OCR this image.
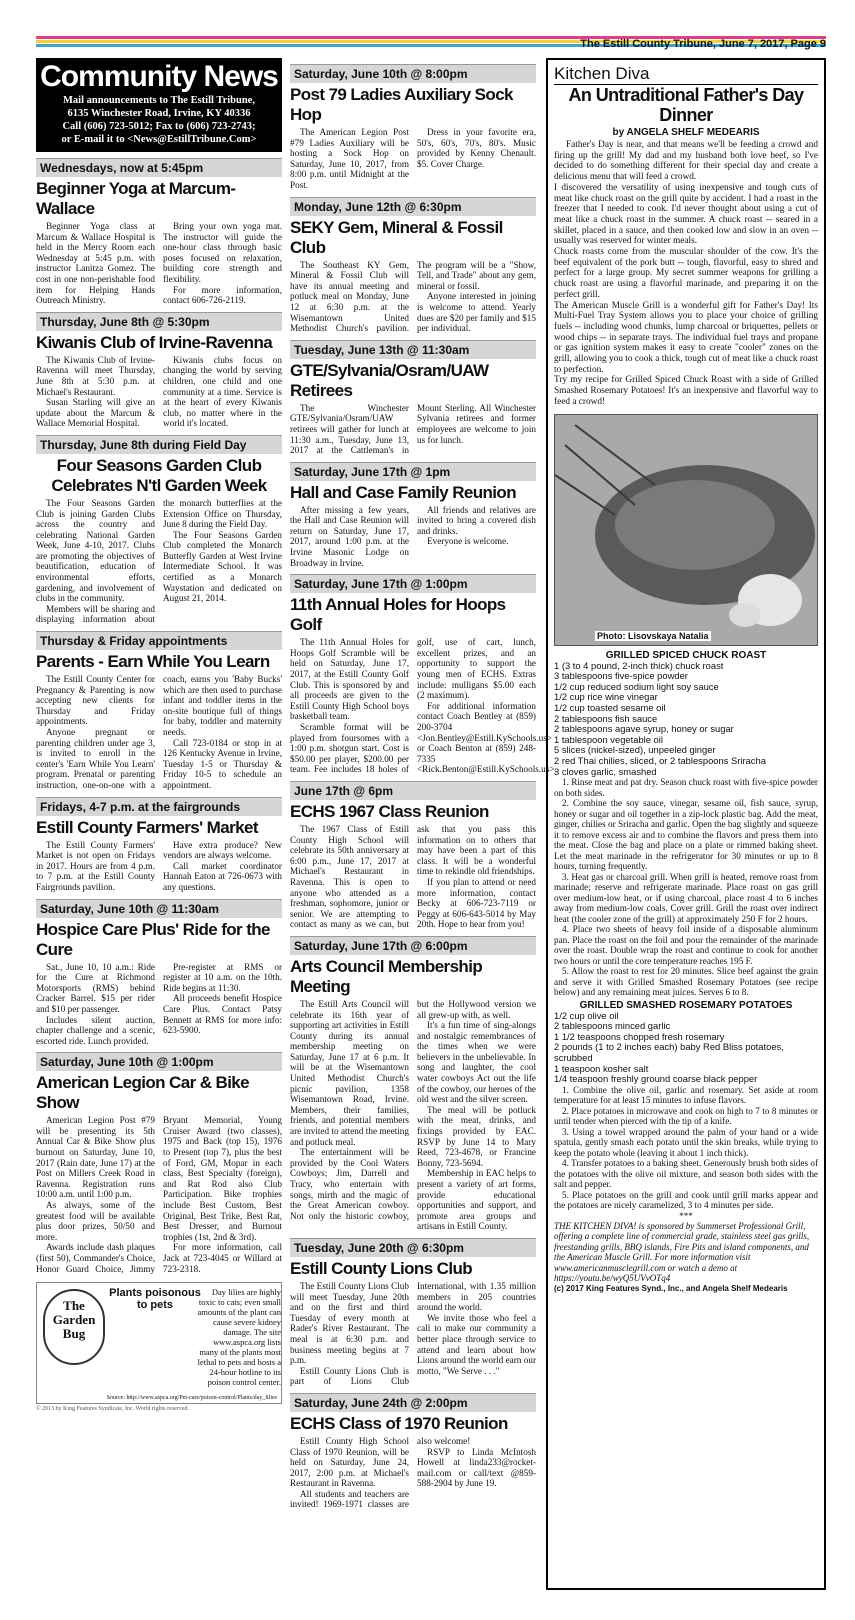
The Estill County Tribune, June 7, 2017, Page 9
Community News
Mail announcements to The Estill Tribune,
6135 Winchester Road, Irvine, KY 40336
Call (606) 723-5012; Fax to (606) 723-2743;
or E-mail it to <News@EstillTribune.Com>
Wednesdays, now at 5:45pm
Beginner Yoga at Marcum-Wallace

Beginner Yoga class at Marcum & Wallace Hospital is held in the Mercy Room each Wednesday at 5:45 p.m. with instructor Lanitza Gomez. The cost in one non-perishable food item for Helping Hands Outreach Ministry.

Bring your own yoga mat. The instructor will guide the one-hour class through basic poses focused on relaxation, building core strength and flexibility.

For more information, contact 606-726-2119.

Thursday, June 8th @ 5:30pm
Kiwanis Club of Irvine-Ravenna

The Kiwanis Club of Irvine-Ravenna will meet Thursday, June 8th at 5:30 p.m. at Michael's Restaurant.

Susan Starling will give an update about the Marcum & Wallace Memorial Hospital.

Kiwanis clubs focus on changing the world by serving children, one child and one community at a time. Service is at the heart of every Kiwanis club, no matter where in the world it's located.

Thursday, June 8th during Field Day
Four Seasons Garden Club Celebrates N'tl Garden Week

The Four Seasons Garden Club is joining Garden Clubs across the country and celebrating National Garden Week, June 4-10, 2017. Clubs are promoting the objectives of beautification, education of environmental efforts, gardening, and involvement of clubs in the community.

Members will be sharing and displaying information about the monarch butterflies at the Extension Office on Thursday, June 8 during the Field Day.

The Four Seasons Garden Club completed the Monarch Butterfly Garden at West Irvine Intermediate School. It was certified as a Monarch Waystation and dedicated on August 21, 2014.

Thursday & Friday appointments
Parents - Earn While You Learn

The Estill County Center for Pregnancy & Parenting is now accepting new clients for Thursday and Friday appointments.

Anyone pregnant or parenting children under age 3, is invited to enroll in the center's 'Earn While You Learn' program. Prenatal or parenting instruction, one-on-one with a coach, earns you 'Baby Bucks' which are then used to purchase infant and toddler items in the on-site boutique full of things for baby, toddler and maternity needs.

Call 723-0184 or stop in at 126 Kentucky Avenue in Irvine, Tuesday 1-5 or Thursday & Friday 10-5 to schedule an appointment.

Fridays, 4-7 p.m. at the fairgrounds
Estill County Farmers' Market

The Estill County Farmers' Market is not open on Fridays in 2017. Hours are from 4 p.m. to 7 p.m. at the Estill County Fairgrounds pavilion.

Have extra produce? New vendors are always welcome.

Call market coordinator Hannah Eaton at 726-0673 with any questions.

Saturday, June 10th @ 11:30am
Hospice Care Plus' Ride for the Cure

Sat., June 10, 10 a.m.: Ride for the Cure at Richmond Motorsports (RMS) behind Cracker Barrel. $15 per rider and $10 per passenger.

Includes silent auction, chapter challenge and a scenic, escorted ride. Lunch provided.

Pre-register at RMS or register at 10 a.m. on the 10th. Ride begins at 11:30.

All proceeds benefit Hospice Care Plus. Contact Patsy Bennett at RMS for more info: 623-5900.

Saturday, June 10th @ 1:00pm
American Legion Car & Bike Show

American Legion Post #79 will be presenting its 5th Annual Car & Bike Show plus burnout on Saturday, June 10, 2017 (Rain date, June 17) at the Post on Millers Creek Road in Ravenna. Registration runs 10:00 a.m. until 1:00 p.m.

As always, some of the greatest food will be available plus door prizes, 50/50 and more.

Awards include dash plaques (first 50), Commander's Choice, Honor Guard Choice, Jimmy Bryant Memorial, Young Cruiser Award (two classes), 1975 and Back (top 15), 1976 to Present (top 7), plus the best of Ford, GM, Mopar in each class, Best Specialty (foreign), and Rat Rod also Club Participation. Bike trophies include Best Custom, Best Original, Best Trike, Best Rat, Best Dresser, and Burnout trophies (1st, 2nd & 3rd).

For more information, call Jack at 723-4045 or Willard at 723-2318.

The Garden Bug
Plants poisonous to pets
Day lilies are highly toxic to cats; even small amounts of the plant can cause severe kidney damage. The site www.aspca.org lists many of the plants most lethal to pets and hosts a 24-hour hotline to its poison control center.
Source: http://www.aspca.org/Pet-care/poison-control/Plants/day_lilies
© 2013 by King Features Syndicate, Inc. World rights reserved.
Saturday, June 10th @ 8:00pm
Post 79 Ladies Auxiliary Sock Hop

The American Legion Post #79 Ladies Auxiliary will be hosting a Sock Hop on Saturday, June 10, 2017, from 8:00 p.m. until Midnight at the Post.

Dress in your favorite era, 50's, 60's, 70's, 80's. Music provided by Kenny Chenault. $5. Cover Charge.

Monday, June 12th @ 6:30pm
SEKY Gem, Mineral & Fossil Club

The Southeast KY Gem, Mineral & Fossil Club will have its annual meeting and potluck meal on Monday, June 12 at 6:30 p.m. at the Wisemantown United Methodist Church's pavilion. The program will be a "Show, Tell, and Trade" about any gem, mineral or fossil.

Anyone interested in joining is welcome to attend. Yearly dues are $20 per family and $15 per individual.

Tuesday, June 13th @ 11:30am
GTE/Sylvania/Osram/UAW Retirees

The Winchester GTE/Sylvania/Osram/UAW retirees will gather for lunch at 11:30 a.m., Tuesday, June 13, 2017 at the Cattleman's in Mount Sterling. All Winchester Sylvania retirees and former employees are welcome to join us for lunch.

Saturday, June 17th @ 1pm
Hall and Case Family Reunion

After missing a few years, the Hall and Case Reunion will return on Saturday, June 17, 2017, around 1:00 p.m. at the Irvine Masonic Lodge on Broadway in Irvine.

All friends and relatives are invited to bring a covered dish and drinks.

Everyone is welcome.

Saturday, June 17th @ 1:00pm
11th Annual Holes for Hoops Golf

The 11th Annual Holes for Hoops Golf Scramble will be held on Saturday, June 17, 2017, at the Estill County Golf Club. This is sponsored by and all proceeds are given to the Estill County High School boys basketball team.

Scramble format will be played from foursomes with a 1:00 p.m. shotgun start. Cost is $50.00 per player, $200.00 per team. Fee includes 18 holes of golf, use of cart, lunch, excellent prizes, and an opportunity to support the young men of ECHS. Extras include: mulligans $5.00 each (2 maximum).

For additional information contact Coach Bentley at (859) 200-3704 <Jon.Bentley@Estill.KySchools.us> or Coach Benton at (859) 248-7335 <Rick.Benton@Estill.KySchools.us>.

June 17th @ 6pm
ECHS 1967 Class Reunion

The 1967 Class of Estill County High School will celebrate its 50th anniversary at 6:00 p.m., June 17, 2017 at Michael's Restaurant in Ravenna. This is open to anyone who attended as a freshman, sophomore, junior or senior. We are attempting to contact as many as we can, but ask that you pass this information on to others that may have been a part of this class. It will be a wonderful time to rekindle old friendships.

If you plan to attend or need more information, contact Becky at 606-723-7119 or Peggy at 606-643-5014 by May 20th. Hope to hear from you!

Saturday, June 17th @ 6:00pm
Arts Council Membership Meeting

The Estill Arts Council will celebrate its 16th year of supporting art activities in Estill County during its annual membership meeting on Saturday, June 17 at 6 p.m. It will be at the Wisemantown United Methodist Church's picnic pavilion, 1358 Wisemantown Road, Irvine. Members, their families, friends, and potential members are invited to attend the meeting and potluck meal.

The entertainment will be provided by the Cool Waters Cowboys; Jim, Darrell and Tracy, who entertain with songs, mirth and the magic of the Great American cowboy. Not only the historic cowboy, but the Hollywood version we all grew-up with, as well.

It's a fun time of sing-alongs and nostalgic remembrances of the times when we were believers in the unbelievable. In song and laughter, the cool water cowboys Act out the life of the cowboy, our heroes of the old west and the silver screen.

The meal will be potluck with the meat, drinks, and fixings provided by EAC. RSVP by June 14 to Mary Reed, 723-4678, or Francine Bonny, 723-5694.

Membership in EAC helps to present a variety of art forms, provide educational opportunities and support, and promote area groups and artisans in Estill County.

Tuesday, June 20th @ 6:30pm
Estill County Lions Club

The Estill County Lions Club will meet Tuesday, June 20th and on the first and third Tuesday of every month at Rader's River Restaurant. The meal is at 6:30 p.m. and business meeting begins at 7 p.m.

Estill County Lions Club is part of Lions Club International, with 1.35 million members in 205 countries around the world.

We invite those who feel a call to make our community a better place through service to attend and learn about how Lions around the world earn our motto, "We Serve . . ."

Saturday, June 24th @ 2:00pm
ECHS Class of 1970 Reunion

Estill County High School Class of 1970 Reunion, will be held on Saturday, June 24, 2017, 2:00 p.m. at Michael's Restaurant in Ravenna.

All students and teachers are invited! 1969-1971 classes are also welcome!

RSVP to Linda McIntosh Howell at linda233@rocket-mail.com or call/text @859-588-2904 by June 19.

Kitchen Diva
An Untraditional Father's Day Dinner
by ANGELA SHELF MEDEARIS

Father's Day is near, and that means we'll be feeding a crowd and firing up the grill! My dad and my husband both love beef, so I've decided to do something different for their special day and create a delicious menu that will feed a crowd.

I discovered the versatility of using inexpensive and tough cuts of meat like chuck roast on the grill quite by accident. I had a roast in the freezer that I needed to cook. I'd never thought about using a cut of meat like a chuck roast in the summer. A chuck roast -- seared in a skillet, placed in a sauce, and then cooked low and slow in an oven -- usually was reserved for winter meals.

Chuck roasts come from the muscular shoulder of the cow. It's the beef equivalent of the pork butt -- tough, flavorful, easy to shred and perfect for a large group. My secret summer weapons for grilling a chuck roast are using a flavorful marinade, and preparing it on the perfect grill.

The American Muscle Grill is a wonderful gift for Father's Day! Its Multi-Fuel Tray System allows you to place your choice of grilling fuels -- including wood chunks, lump charcoal or briquettes, pellets or wood chips -- in separate trays. The individual fuel trays and propane or gas ignition system makes it easy to create "cooler" zones on the grill, allowing you to cook a thick, tough cut of meat like a chuck roast to perfection.

Try my recipe for Grilled Spiced Chuck Roast with a side of Grilled Smashed Rosemary Potatoes! It's an inexpensive and flavorful way to feed a crowd!

Photo: Lisovskaya Natalia
GRILLED SPICED CHUCK ROAST
1 (3 to 4 pound, 2-inch thick) chuck roast
3 tablespoons five-spice powder
1/2 cup reduced sodium light soy sauce
1/2 cup rice wine vinegar
1/2 cup toasted sesame oil
2 tablespoons fish sauce
2 tablespoons agave syrup, honey or sugar
1 tablespoon vegetable oil
5 slices (nickel-sized), unpeeled ginger
2 red Thai chilies, sliced, or 2 tablespoons Sriracha
3 cloves garlic, smashed

1. Rinse meat and pat dry. Season chuck roast with five-spice powder on both sides.

2. Combine the soy sauce, vinegar, sesame oil, fish sauce, syrup, honey or sugar and oil together in a zip-lock plastic bag. Add the meat, ginger, chilies or Sriracha and garlic. Open the bag slightly and squeeze it to remove excess air and to combine the flavors and press them into the meat. Close the bag and place on a plate or rimmed baking sheet. Let the meat marinade in the refrigerator for 30 minutes or up to 8 hours, turning frequently.

3. Heat gas or charcoal grill. When grill is heated, remove roast from marinade; reserve and refrigerate marinade. Place roast on gas grill over medium-low heat, or if using charcoal, place roast 4 to 6 inches away from medium-low coals. Cover grill. Grill the roast over indirect heat (the cooler zone of the grill) at approximately 250 F for 2 hours.

4. Place two sheets of heavy foil inside of a disposable aluminum pan. Place the roast on the foil and pour the remainder of the marinade over the roast. Double wrap the roast and continue to cook for another two hours or until the core temperature reaches 195 F.

5. Allow the roast to rest for 20 minutes. Slice beef against the grain and serve it with Grilled Smashed Rosemary Potatoes (see recipe below) and any remaining meat juices. Serves 6 to 8.

GRILLED SMASHED ROSEMARY POTATOES
1/2 cup olive oil
2 tablespoons minced garlic
1 1/2 teaspoons chopped fresh rosemary
2 pounds (1 to 2 inches each) baby Red Bliss potatoes, scrubbed
1 teaspoon kosher salt
1/4 teaspoon freshly ground coarse black pepper

1. Combine the olive oil, garlic and rosemary. Set aside at room temperature for at least 15 minutes to infuse flavors.

2. Place potatoes in microwave and cook on high to 7 to 8 minutes or until tender when pierced with the tip of a knife.

3. Using a towel wrapped around the palm of your hand or a wide spatula, gently smash each potato until the skin breaks, while trying to keep the potato whole (leaving it about 1 inch thick).

4. Transfer potatoes to a baking sheet. Generously brush both sides of the potatoes with the olive oil mixture, and season both sides with the salt and pepper.

5. Place potatoes on the grill and cook until grill marks appear and the potatoes are nicely caramelized, 3 to 4 minutes per side.

***
THE KITCHEN DIVA! is sponsored by Summerset Professional Grill, offering a complete line of commercial grade, stainless steel gas grills, freestanding grills, BBQ islands, Fire Pits and island components, and the American Muscle Grill. For more information visit www.americanmusclegrill.com or watch a demo at https://youtu.be/wyQ5UVvOTq4
(c) 2017 King Features Synd., Inc., and Angela Shelf Medearis
